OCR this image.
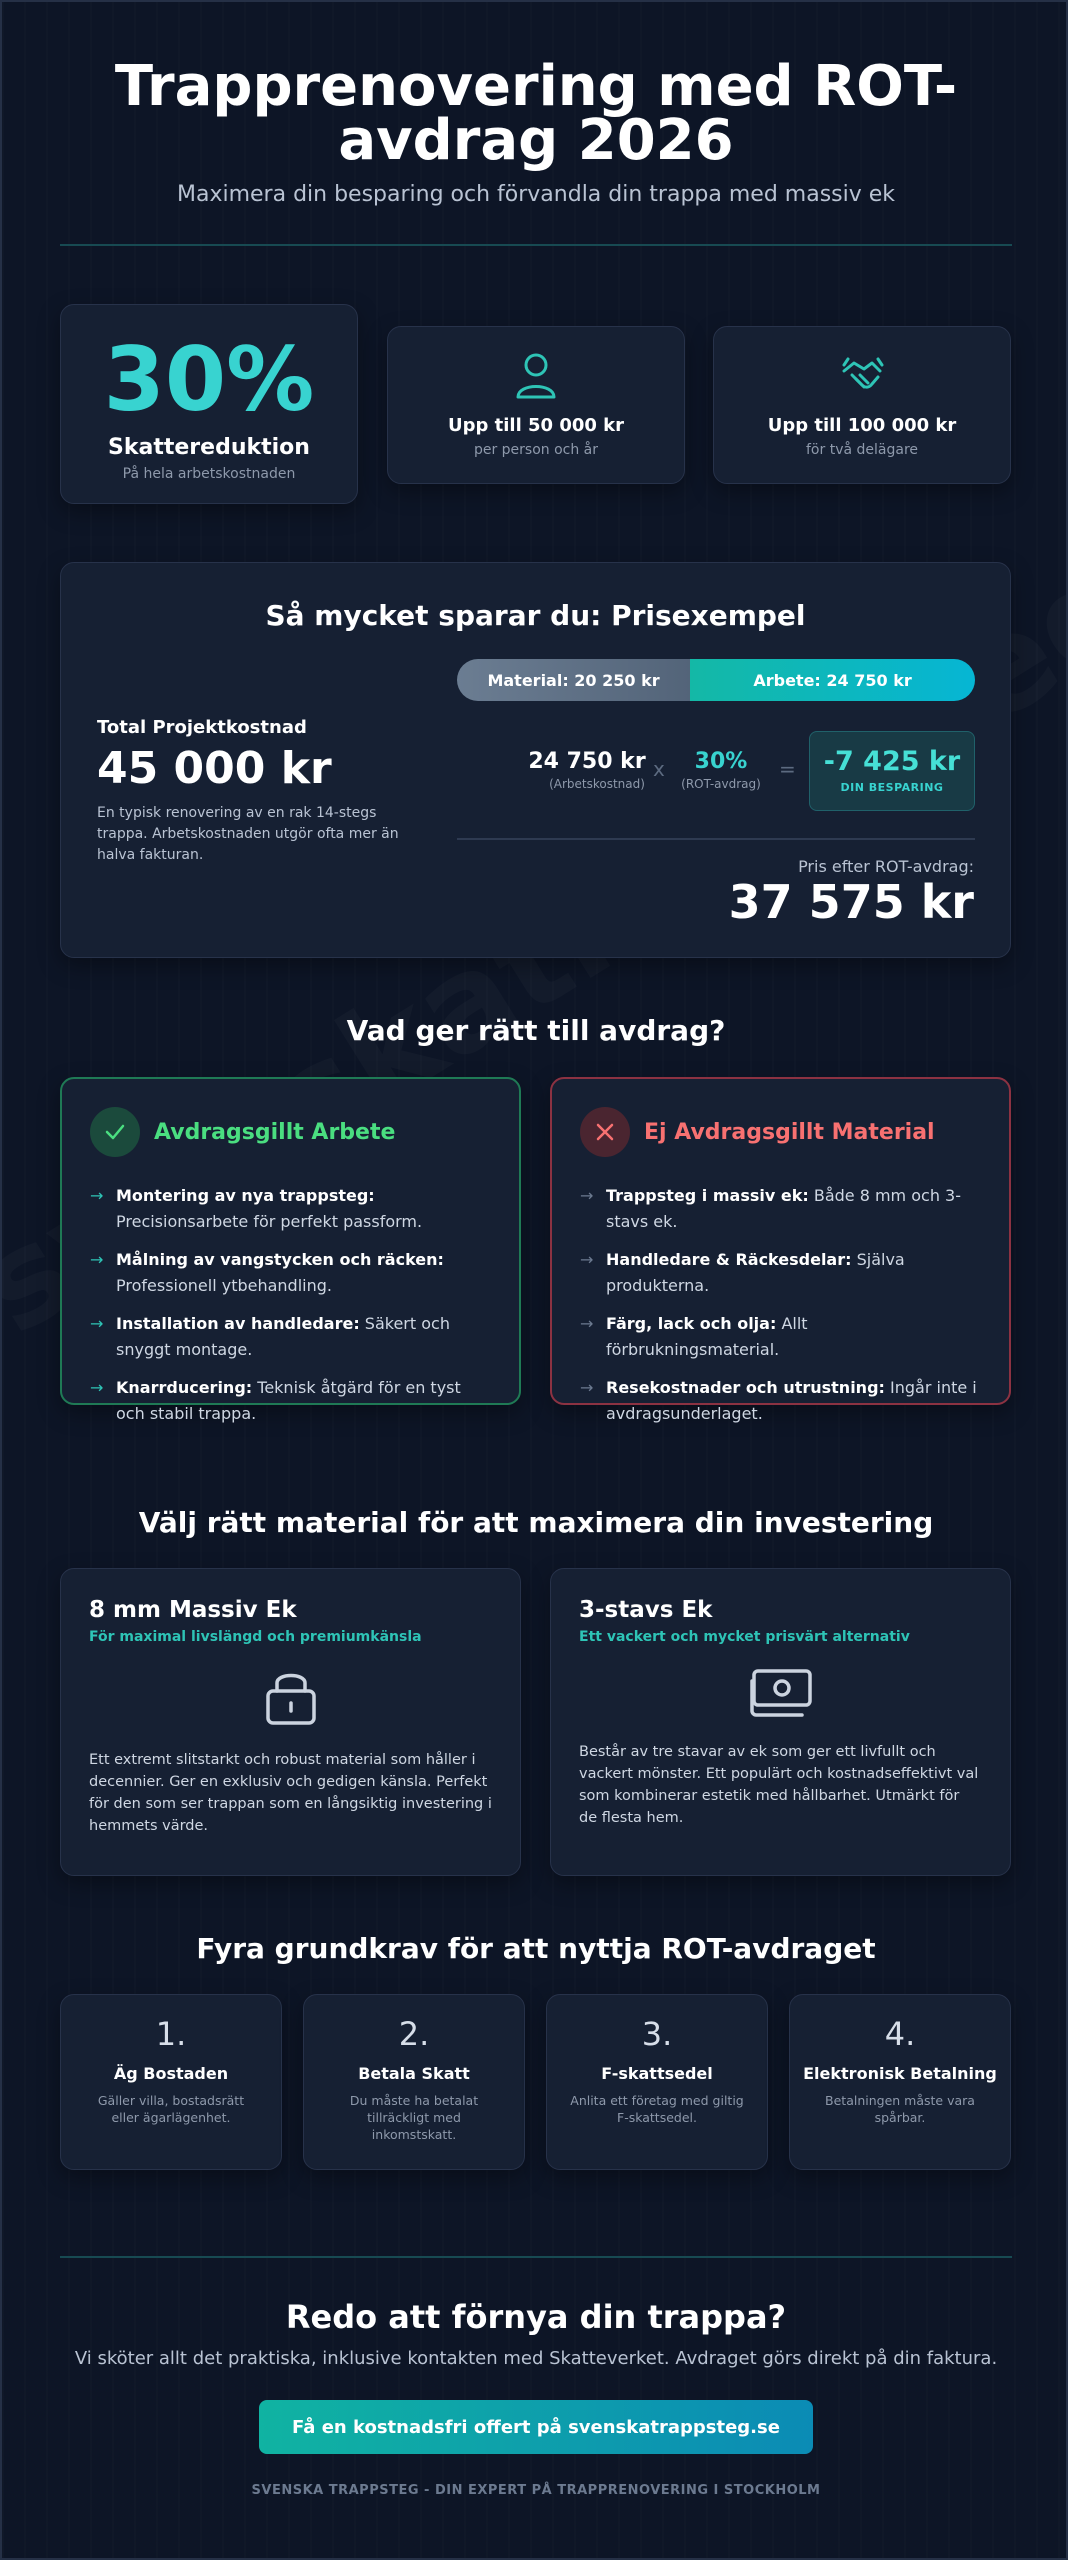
Trapprenovering med ROT-avdrag 2026
Maximera din besparing och förvandla din trappa med massiv ek
30%
Skattereduktion
På hela arbetskostnaden
Upp till 50 000 kr
per person och år
Upp till 100 000 kr
för två delägare
Så mycket sparar du: Prisexempel
Material: 20 250 kr	Arbete: 24 750 kr
Total Projektkostnad
45 000 kr
En typisk renovering av en rak 14-stegs trappa. Arbetskostnaden utgör ofta mer än halva fakturan.
24 750 kr
(Arbetskostnad)
x	30%
(ROT-avdrag)
=	-7 425 kr
DIN BESPARING
Pris efter ROT-avdrag:
37 575 kr
Vad ger rätt till avdrag?
Avdragsgillt Arbete
→ Montering av nya trappsteg: Precisionsarbete för perfekt passform.
→ Målning av vangstycken och räcken: Professionell ytbehandling.
→ Installation av handledare: Säkert och snyggt montage.
→ Knarrducering: Teknisk åtgärd för en tyst och stabil trappa.
Ej Avdragsgillt Material
→ Trappsteg i massiv ek: Både 8 mm och 3-stavs ek.
→ Handledare & Räckesdelar: Själva produkterna.
→ Färg, lack och olja: Allt förbrukningsmaterial.
→ Resekostnader och utrustning: Ingår inte i avdragsunderlaget.
Välj rätt material för att maximera din investering
8 mm Massiv Ek
För maximal livslängd och premiumkänsla
Ett extremt slitstarkt och robust material som håller i decennier. Ger en exklusiv och gedigen känsla. Perfekt för den som ser trappan som en långsiktig investering i hemmets värde.
3-stavs Ek
Ett vackert och mycket prisvärt alternativ
Består av tre stavar av ek som ger ett livfullt och vackert mönster. Ett populärt och kostnadseffektivt val som kombinerar estetik med hållbarhet. Utmärkt för de flesta hem.
Fyra grundkrav för att nyttja ROT-avdraget
1.
Äg Bostaden
Gäller villa, bostadsrätt eller ägarlägenhet.
2.
Betala Skatt
Du måste ha betalat tillräckligt med inkomstskatt.
3.
F-skattsedel
Anlita ett företag med giltig F-skattsedel.
4.
Elektronisk Betalning
Betalningen måste vara spårbar.
Redo att förnya din trappa?
Vi sköter allt det praktiska, inklusive kontakten med Skatteverket. Avdraget görs direkt på din faktura.
Få en kostnadsfri offert på svenskatrappsteg.se
SVENSKA TRAPPSTEG - DIN EXPERT PÅ TRAPPRENOVERING I STOCKHOLM
